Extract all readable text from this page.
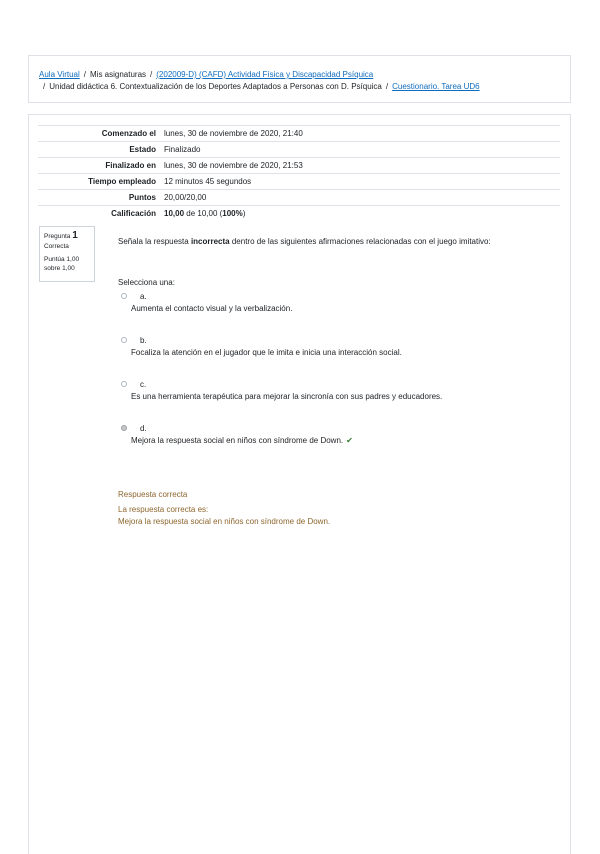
Aula Virtual / Mis asignaturas / (202009-D) (CAFD) Actividad Física y Discapacidad Psíquica
/ Unidad didáctica 6. Contextualización de los Deportes Adaptados a Personas con D. Psíquica / Cuestionario. Tarea UD6
Comenzado el	lunes, 30 de noviembre de 2020, 21:40
Estado	Finalizado
Finalizado en	lunes, 30 de noviembre de 2020, 21:53
Tiempo empleado	12 minutos 45 segundos
Puntos	20,00/20,00
Calificación	10,00 de 10,00 (100%)
Pregunta 1
Correcta
Puntúa 1,00 sobre 1,00
Señala la respuesta incorrecta dentro de las siguientes afirmaciones relacionadas con el juego imitativo:
Selecciona una:
a.
Aumenta el contacto visual y la verbalización.
b.
Focaliza la atención en el jugador que le imita e inicia una interacción social.
c.
Es una herramienta terapéutica para mejorar la sincronía con sus padres y educadores.
d.
Mejora la respuesta social en niños con síndrome de Down. ✔
Respuesta correcta
La respuesta correcta es:
Mejora la respuesta social en niños con síndrome de Down.
